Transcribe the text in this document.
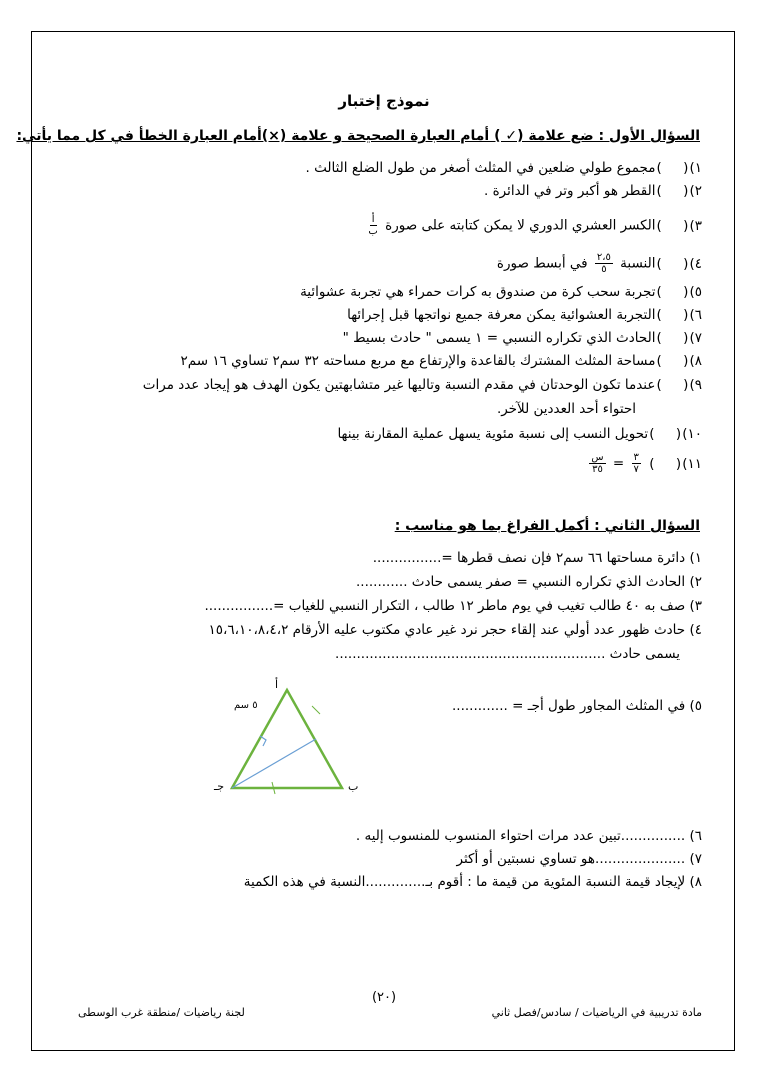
نموذج إختبار
السؤال الأول : ضع علامة (✓ ) أمام العبارة الصحيحة و علامة (×)أمام العبارة الخطأ في كل مما يأتي:
١)(     )مجموع طولي ضلعين في المثلث أصغر من طول الضلع الثالث .
٢)(     )القطر هو أكبر وتر في الدائرة .
٣)(     )الكسر العشري الدوري لا يمكن كتابته على صورة
$\frac{\text{أ}}{\text{ب}}$
٤)(     )النسبة
$\frac{٢،٥}{٥}$
في أبسط صورة
٥)(     )تجربة سحب كرة من صندوق به كرات حمراء هي تجربة عشوائية
٦)(     )التجربة العشوائية يمكن معرفة جميع نواتجها قبل إجرائها
٧)(     )الحادث الذي تكراره النسبي = ١ يسمى " حادث بسيط "
٨)(     )مساحة المثلث المشترك بالقاعدة والإرتفاع مع مربع مساحته ٣٢ سم٢ تساوي ١٦ سم٢
٩)(     )عندما تكون الوحدتان في مقدم النسبة وتاليها غير متشابهتين يكون الهدف هو إيجاد عدد مرات
احتواء أحد العددين للآخر.
١٠)(     )تحويل النسب إلى نسبة مئوية يسهل عملية المقارنة بينها
١١)(     )
$\frac{٣}{٧}$
=
$\frac{\text{س}}{٣٥}$
السؤال الثاني : أكمل الفراغ بما هو مناسب :
١) دائرة مساحتها ٦٦ سم٢ فإن نصف قطرها =................
٢) الحادث الذي تكراره النسبي = صفر يسمى حادث ............
٣) صف به ٤٠ طالب تغيب في يوم ماطر ١٢ طالب ، التكرار النسبي للغياب =................
٤) حادث ظهور عدد أولي عند إلقاء حجر نرد غير عادي مكتوب عليه الأرقام ١٥،٦،١٠،٨،٤،٢
يسمى حادث ...............................................................
٥) في المثلث المجاور طول أجـ = .............
أ
ب
جـ
٥ سم
٦) ...............تبين عدد مرات احتواء المنسوب للمنسوب إليه .
٧) .....................هو تساوي نسبتين أو أكثر
٨) لإيجاد قيمة النسبة المئوية من قيمة ما : أقوم بـ..............النسبة في هذه الكمية
(٢٠)
مادة تدريبية في الرياضيات / سادس/فصل ثاني
لجنة رياضيات /منطقة غرب الوسطى
